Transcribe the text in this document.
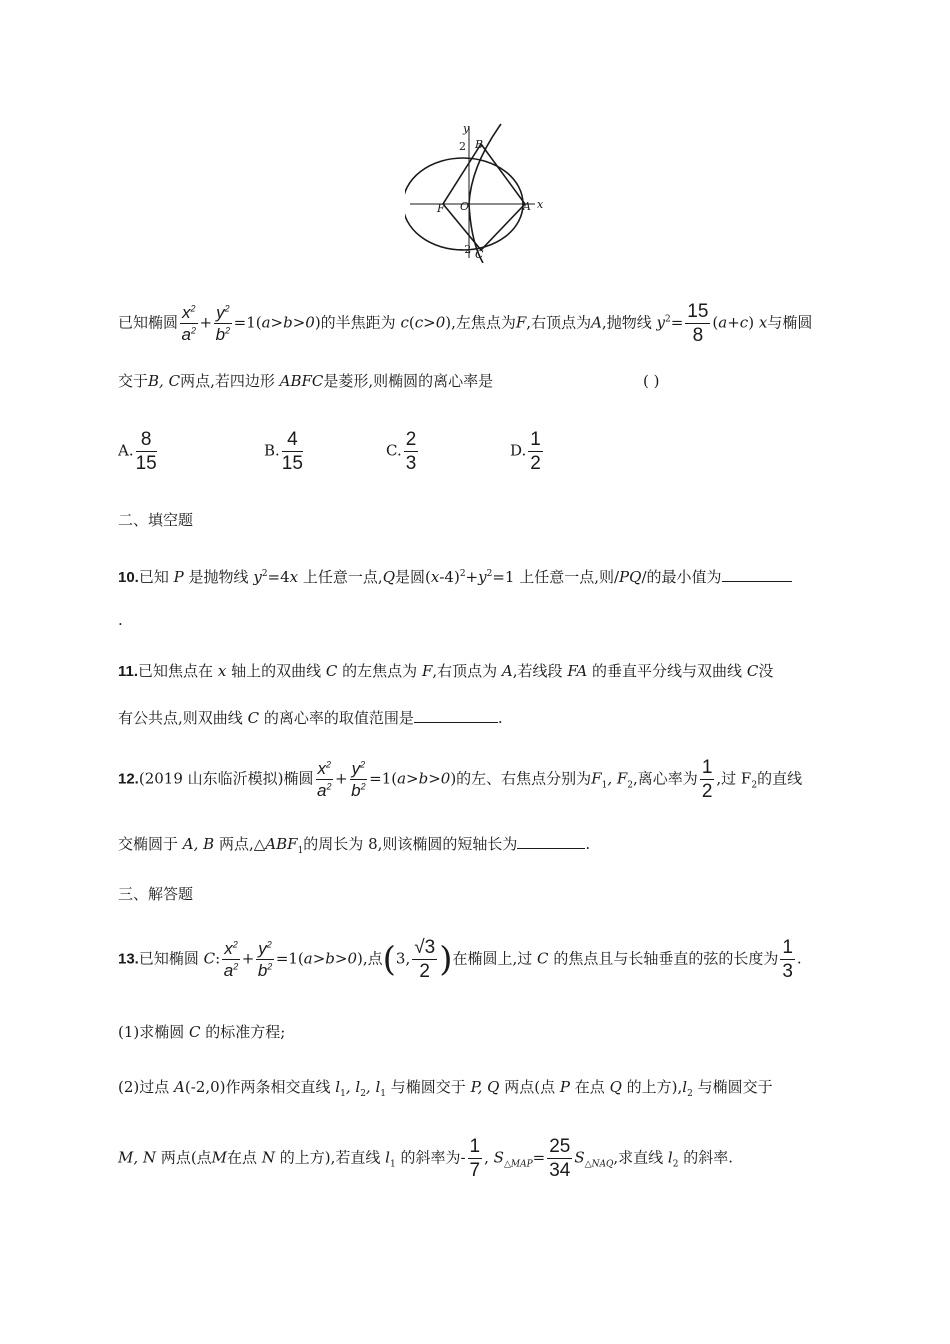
y
x
2
−2
B
C
F O	A
已知椭圆 $\frac{x^2}{a^2} + \frac{y^2}{b^2} =1(a>b>0)$的半焦距为 c(c>0),左焦点为F,右顶点为A,抛物线 $y^2= \frac{15}{8} (a+c)$ x与椭圆
交于B, C两点,若四边形 ABFC是菱形,则椭圆的离心率是	( )
A. $\frac{8}{15}$	B. $\frac{4}{15}$	C. $\frac{2}{3}$	D. $\frac{1}{2}$
二、填空题
10.已知 P 是抛物线 $y^2=4x$ 上任意一点,Q是圆$(x-4)^2+y^2=1$ 上任意一点,则/PQ/的最小值为
.
11.已知焦点在 x 轴上的双曲线 C 的左焦点为 F,右顶点为 A,若线段 FA 的垂直平分线与双曲线 C没
有公共点,则双曲线 C 的离心率的取值范围是	.
12.(2019 山东临沂模拟)椭圆 $\frac{x^2}{a^2} + \frac{y^2}{b^2} =1(a>b>0)$的左、右焦点分别为$F_1$, $F_2$,离心率为 $\frac{1}{2}$ ,过 $F_2$的直线
交椭圆于 A, B 两点$,\triangle ABF_1$的周长为 8,则该椭圆的短轴长为	.
三、解答题
13.已知椭圆 C: $\frac{x^2}{a^2} + \frac{y^2}{b^2} =1(a>b>0)$,点(3, $\frac{√3}{2}$ )在椭圆上,过 C 的焦点且与长轴垂直的弦的长度为 $\frac{1}{3}$ .
(1)求椭圆 C 的标准方程;
(2)过点 A(-2,0)作两条相交直线 $l_1$, $l_2$, $l_1$ 与椭圆交于 P, Q 两点(点 P 在点 Q 的上方)$,l_2$ 与椭圆交于
M, N 两点(点M在点 N 的上方),若直线 $l_1$ 的斜率为- $\frac{1}{7}$ , $S_{\triangle MAP}= \frac{25}{34} S_{\triangle NAQ}$,求直线 $l_2$ 的斜率.
